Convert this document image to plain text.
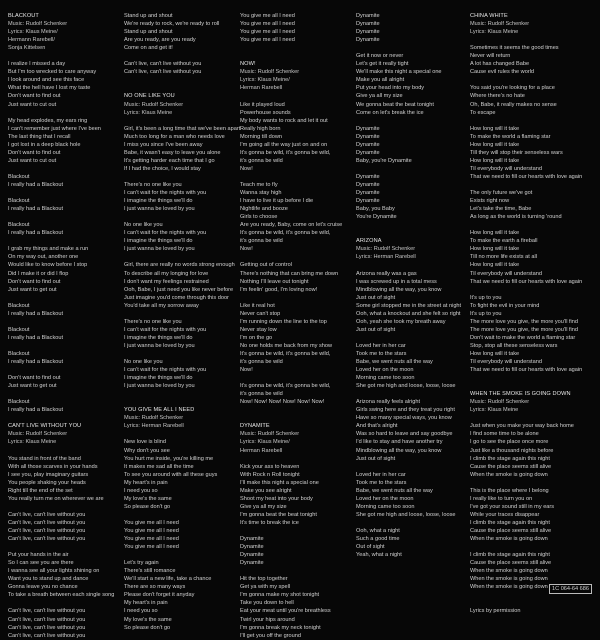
BLACKOUT
Music: Rudolf Schenker
Lyrics: Klaus Meine/
Hermann Rarebell/
Sonja Kittelsen
I realize I missed a day
But I'm too wrecked to care anyway
I look around and see this face
What the hell have I lost my taste
Don't want to find out
Just want to cut out
My head explodes, my ears ring
I can't remember just where I've been
The last thing that I recall
I got lost in a deep black hole
Don't want to find out
Just want to cut out
Blackout
I really had a Blackout
Blackout
I really had a Blackout
Blackout
I really had a Blackout
I grab my things and make a run
On my way out, another one
Would like to know before I stop
Did I make it or did I flop
Don't want to find out
Just want to get out
Blackout
I really had a Blackout
Blackout
I really had a Blackout
Blackout
I really had a Blackout
Don't want to find out
Just want to get out
Blackout
I really had a Blackout
CAN'T LIVE WITHOUT YOU
Music: Rudolf Schenker
Lyrics: Klaus Meine
You stand in front of the band
With all those scarves in your hands
I see you, play imaginary guitars
You people shaking your heads
Right till the end of the set
You really turn me on wherever we are
Can't live, can't live without you
Can't live, can't live without you
Can't live, can't live without you
Can't live, can't live without you
Put your hands in the air
So I can see you are there
I wanna see all your lights shining on
Want you to stand up and dance
Gonna leave you no chance
To take a breath between each single song
Can't live, can't live without you
Can't live, can't live without you
Can't live, can't live without you
Can't live, can't live without you
Stand up and shout
We're ready to rock, we're ready to roll
Stand up and shout
Are you ready, are you ready
Come on and get it!
Can't live, can't live without you
Can't live, can't live without you
NO ONE LIKE YOU
Music: Rudolf Schenker
Lyrics: Klaus Meine
Girl, it's been a long time that we've been apart
Much too long for a man who needs love
I miss you since I've been away
Babe, it wasn't easy to leave you alone
It's getting harder each time that I go
If I had the choice, I would stay
There's no one like you
I can't wait for the nights with you
I imagine the things we'll do
I just wanna be loved by you
No one like you
I can't wait for the nights with you
I imagine the things we'll do
I just wanna be loved by you
Girl, there are really no words strong enough
To describe all my longing for love
I don't want my feelings restrained
Ooh, Babe, I just need you like never before
Just imagine you'd come through this door
You'd take all my sorrow away
There's no one like you
I can't wait for the nights with you
I imagine the things we'll do
I just wanna be loved by you
No one like you
I can't wait for the nights with you
I imagine the things we'll do
I just wanna be loved by you
YOU GIVE ME ALL I NEED
Music: Rudolf Schenker
Lyrics: Herman Rarebell
New love is blind
Why don't you see
You hurt me inside, you're killing me
It makes me sad all the time
To see you around with all these guys
My heart's in pain
I need you so
My love's the same
So please don't go
You give me all I need
You give me all I need
You give me all I need
You give me all I need
Let's try again
There's still romance
We'll start a new life, take a chance
There are so many ways
Please don't forget it anyday
My heart's in pain
I need you so
My love's the same
So please don't go
You give me all I need
You give me all I need
You give me all I need
You give me all I need
NOW!
Music: Rudolf Schenker
Lyrics: Klaus Meine/
Herman Rarebell
Like it played loud
Powerhouse sounds
My body wants to rock and let it out
Really high born
Morning till down
I'm going all the way just on and on
It's gonna be wild, it's gonna be wild,
it's gonna be wild
Now!
Teach me to fly
Wanna stay high
I have to live it up before I die
Nightlife and booze
Girls to choose
Are you ready, Baby, come on let's cruise
It's gonna be wild, it's gonna be wild,
it's gonna be wild
Now!
Getting out of control
There's nothing that can bring me down
Nothing I'll leave out tonight
I'm feelin' good, I'm loving now!
Like it real hot
Never can't stop
I'm running down the line to the top
Never stay low
I'm on the go
No one holds me back from my show
It's gonna be wild, it's gonna be wild,
it's gonna be wild
Now!
It's gonna be wild, it's gonna be wild,
it's gonna be wild
Now! Now! Now! Now! Now! Now!
DYNAMITE
Music: Rudolf Schenker
Lyrics: Klaus Meine/
Herman Rarebell
Kick your ass to heaven
With Rock n Roll tonight
I'll make this night a special one
Make you see alright
Shoot my heat into your body
Give ya all my size
I'm gonna beat the beat tonight
It's time to break the ice
Dynamite
Dynamite
Dynamite
Dynamite
Hit the top together
Get ya with my spell
I'm gonna make my shot tonight
Take you down to hell
Eat your meat until you're breathless
Twirl your hips around
I'm gonna break my neck tonight
I'll get you off the ground
Dynamite
Dynamite
Dynamite
Dynamite
Get it now or never
Let's get it really tight
We'll make this night a special one
Make you all alright
Put your head into my body
Give ya all my size
We gonna beat the beat tonight
Come on let's break the ice
Dynamite
Dynamite
Dynamite
Dynamite
Baby, you're Dynamite
Dynamite
Dynamite
Dynamite
Dynamite
Baby, you Baby
You're Dynamite
ARIZONA
Music: Rudolf Schenker
Lyrics: Herman Rarebell
Arizona really was a gas
I was screwed up in a total mess
Mindblowing all the way, you know
Just out of sight
Some girl stopped me in the street at night
Ooh, what a knockout and she felt so right
Ooh, yeah she took my breath away
Just out of sight
Loved her in her car
Took me to the stars
Babe, we went nuts all the way
Loved her on the moon
Morning came too soon
She got me high and loose, loose, loose
Arizona really feels alright
Girls swing here and they treat you right
Have so many special ways, you know
And that's alright
Was so hard to leave and say goodbye
I'd like to stay and have another try
Mindblowing all the way, you know
Just out of sight
Loved her in her car
Took me to the stars
Babe, we went nuts all the way
Loved her on the moon
Morning came too soon
She got me high and loose, loose, loose
Ooh, what a night
Such a good time
Out of sight
Yeah, what a night
CHINA WHITE
Music: Rudolf Schenker
Lyrics: Klaus Meine
Sometimes it seems the good times
Never will return
A lot has changed Babe
Cause evil rules the world
You said you're looking for a place
Where there's no hate
Oh, Babe, it really makes no sense
To escape
How long will it take
To make the world a flaming star
How long will it take
Till they will stop their senseless wars
How long will it take
Til everybody will understand
That we need to fill our hearts with love again
The only future we've got
Exists right now
Let's take the time, Babe
As long as the world is turning 'round
How long will it take
To make the earth a fireball
How long will it take
Till no more life exists at all
How long will it take
Til everybody will understand
That we need to fill our hearts with love again
It's up to you
To fight the evil in your mind
It's up to you
The more love you give, the more you'll find
The more love you give, the more you'll find
Don't wait to make the world a flaming star
Stop, stop all these senseless wars
How long will it take
Til everybody will understand
That we need to fill our hearts with love again
WHEN THE SMOKE IS GOING DOWN
Music: Rudolf Schenker
Lyrics: Klaus Meine
Just when you make your way back home
I find some time to be alone
I go to see the place once more
Just like a thousand nights before
I climb the stage again this night
Cause the place seems still alive
When the smoke is going down
This is the place where I belong
I really like to turn you on
I've got your sound still in my ears
While your traces disappear
I climb the stage again this night
Cause the place seems still alive
When the smoke is going down
I climb the stage again this night
Cause the place seems still alive
When the smoke is going down
When the smoke is going down
When the smoke is going down
Lyrics by permission
1C 064-64 686
